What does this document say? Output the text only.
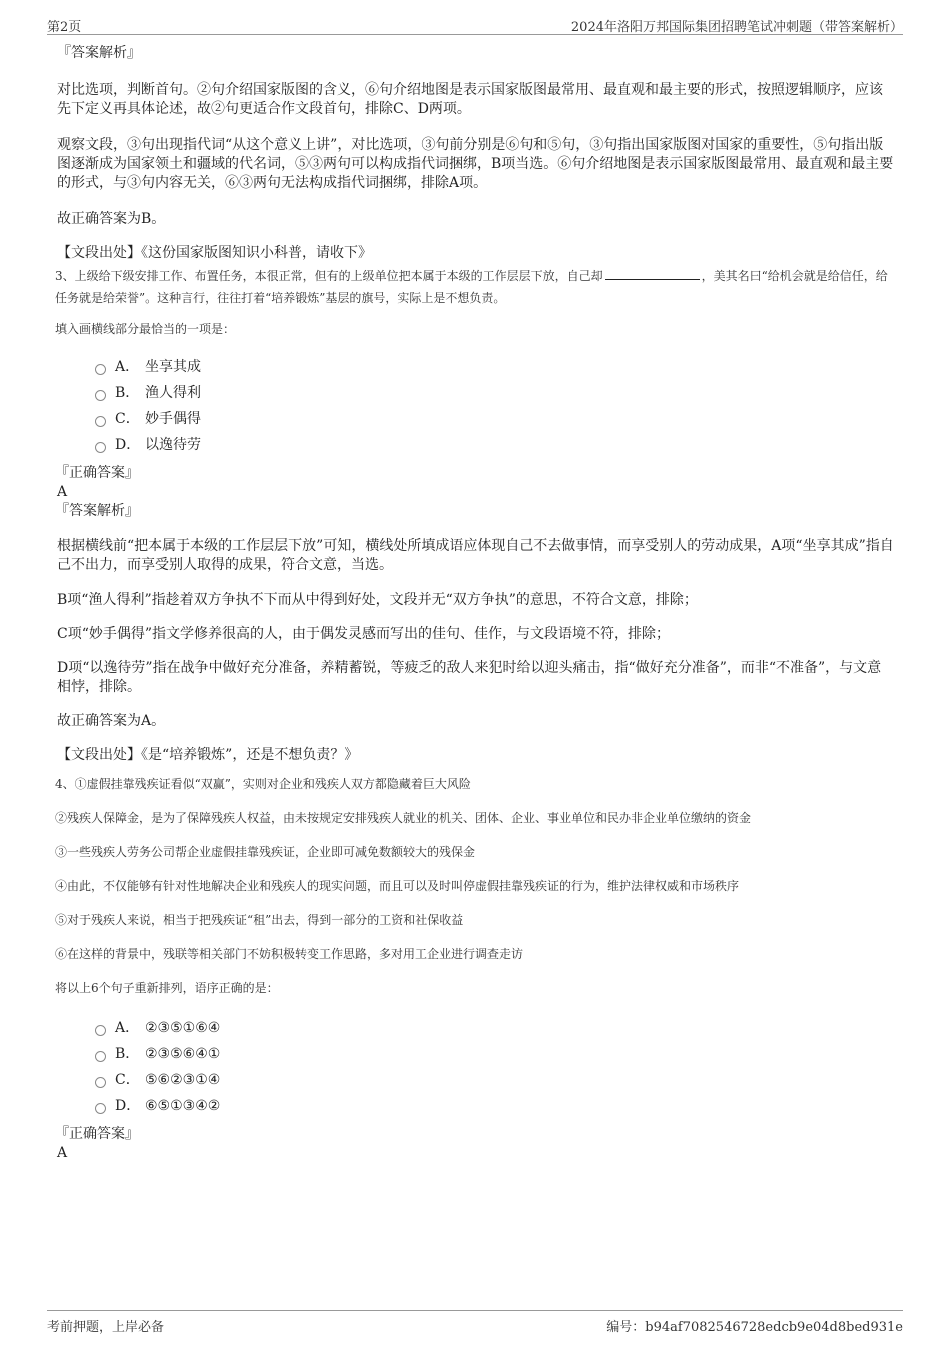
第2页	2024年洛阳万邦国际集团招聘笔试冲刺题（带答案解析）
『答案解析』

对比选项，判断首句。②句介绍国家版图的含义，⑥句介绍地图是表示国家版图最常用、最直观和最主要的形式，按照逻辑顺序，应该先下定义再具体论述，故②句更适合作文段首句，排除C、D两项。

观察文段，③句出现指代词“从这个意义上讲”，对比选项，③句前分别是⑥句和⑤句，③句指出国家版图对国家的重要性，⑤句指出版图逐渐成为国家领土和疆域的代名词，⑤③两句可以构成指代词捆绑，B项当选。⑥句介绍地图是表示国家版图最常用、最直观和最主要的形式，与③句内容无关，⑥③两句无法构成指代词捆绑，排除A项。

故正确答案为B。

【文段出处】《这份国家版图知识小科普，请收下》

3、上级给下级安排工作、布置任务，本很正常，但有的上级单位把本属于本级的工作层层下放，自己却	，美其名曰“给机会就是给信任，给任务就是给荣誉”。这种言行，往往打着“培养锻炼”基层的旗号，实际上是不想负责。

填入画横线部分最恰当的一项是：

A． 坐享其成
B． 渔人得利
C． 妙手偶得
D． 以逸待劳
『正确答案』
A
『答案解析』

根据横线前“把本属于本级的工作层层下放”可知，横线处所填成语应体现自己不去做事情，而享受别人的劳动成果，A项“坐享其成”指自己不出力，而享受别人取得的成果，符合文意，当选。

B项“渔人得利”指趁着双方争执不下而从中得到好处，文段并无“双方争执”的意思，不符合文意，排除；

C项“妙手偶得”指文学修养很高的人，由于偶发灵感而写出的佳句、佳作，与文段语境不符，排除；

D项“以逸待劳”指在战争中做好充分准备，养精蓄锐，等疲乏的敌人来犯时给以迎头痛击，指“做好充分准备”，而非“不准备”，与文意相悖，排除。

故正确答案为A。

【文段出处】《是“培养锻炼”，还是不想负责？》

4、①虚假挂靠残疾证看似“双赢”，实则对企业和残疾人双方都隐藏着巨大风险

②残疾人保障金，是为了保障残疾人权益，由未按规定安排残疾人就业的机关、团体、企业、事业单位和民办非企业单位缴纳的资金

③一些残疾人劳务公司帮企业虚假挂靠残疾证，企业即可减免数额较大的残保金

④由此，不仅能够有针对性地解决企业和残疾人的现实问题，而且可以及时叫停虚假挂靠残疾证的行为，维护法律权威和市场秩序

⑤对于残疾人来说，相当于把残疾证“租”出去，得到一部分的工资和社保收益

⑥在这样的背景中，残联等相关部门不妨积极转变工作思路，多对用工企业进行调查走访

将以上6个句子重新排列，语序正确的是：

A． ②③⑤①⑥④
B． ②③⑤⑥④①
C． ⑤⑥②③①④
D． ⑥⑤①③④②
『正确答案』
A
考前押题，上岸必备	编号：b94af7082546728edcb9e04d8bed931e
